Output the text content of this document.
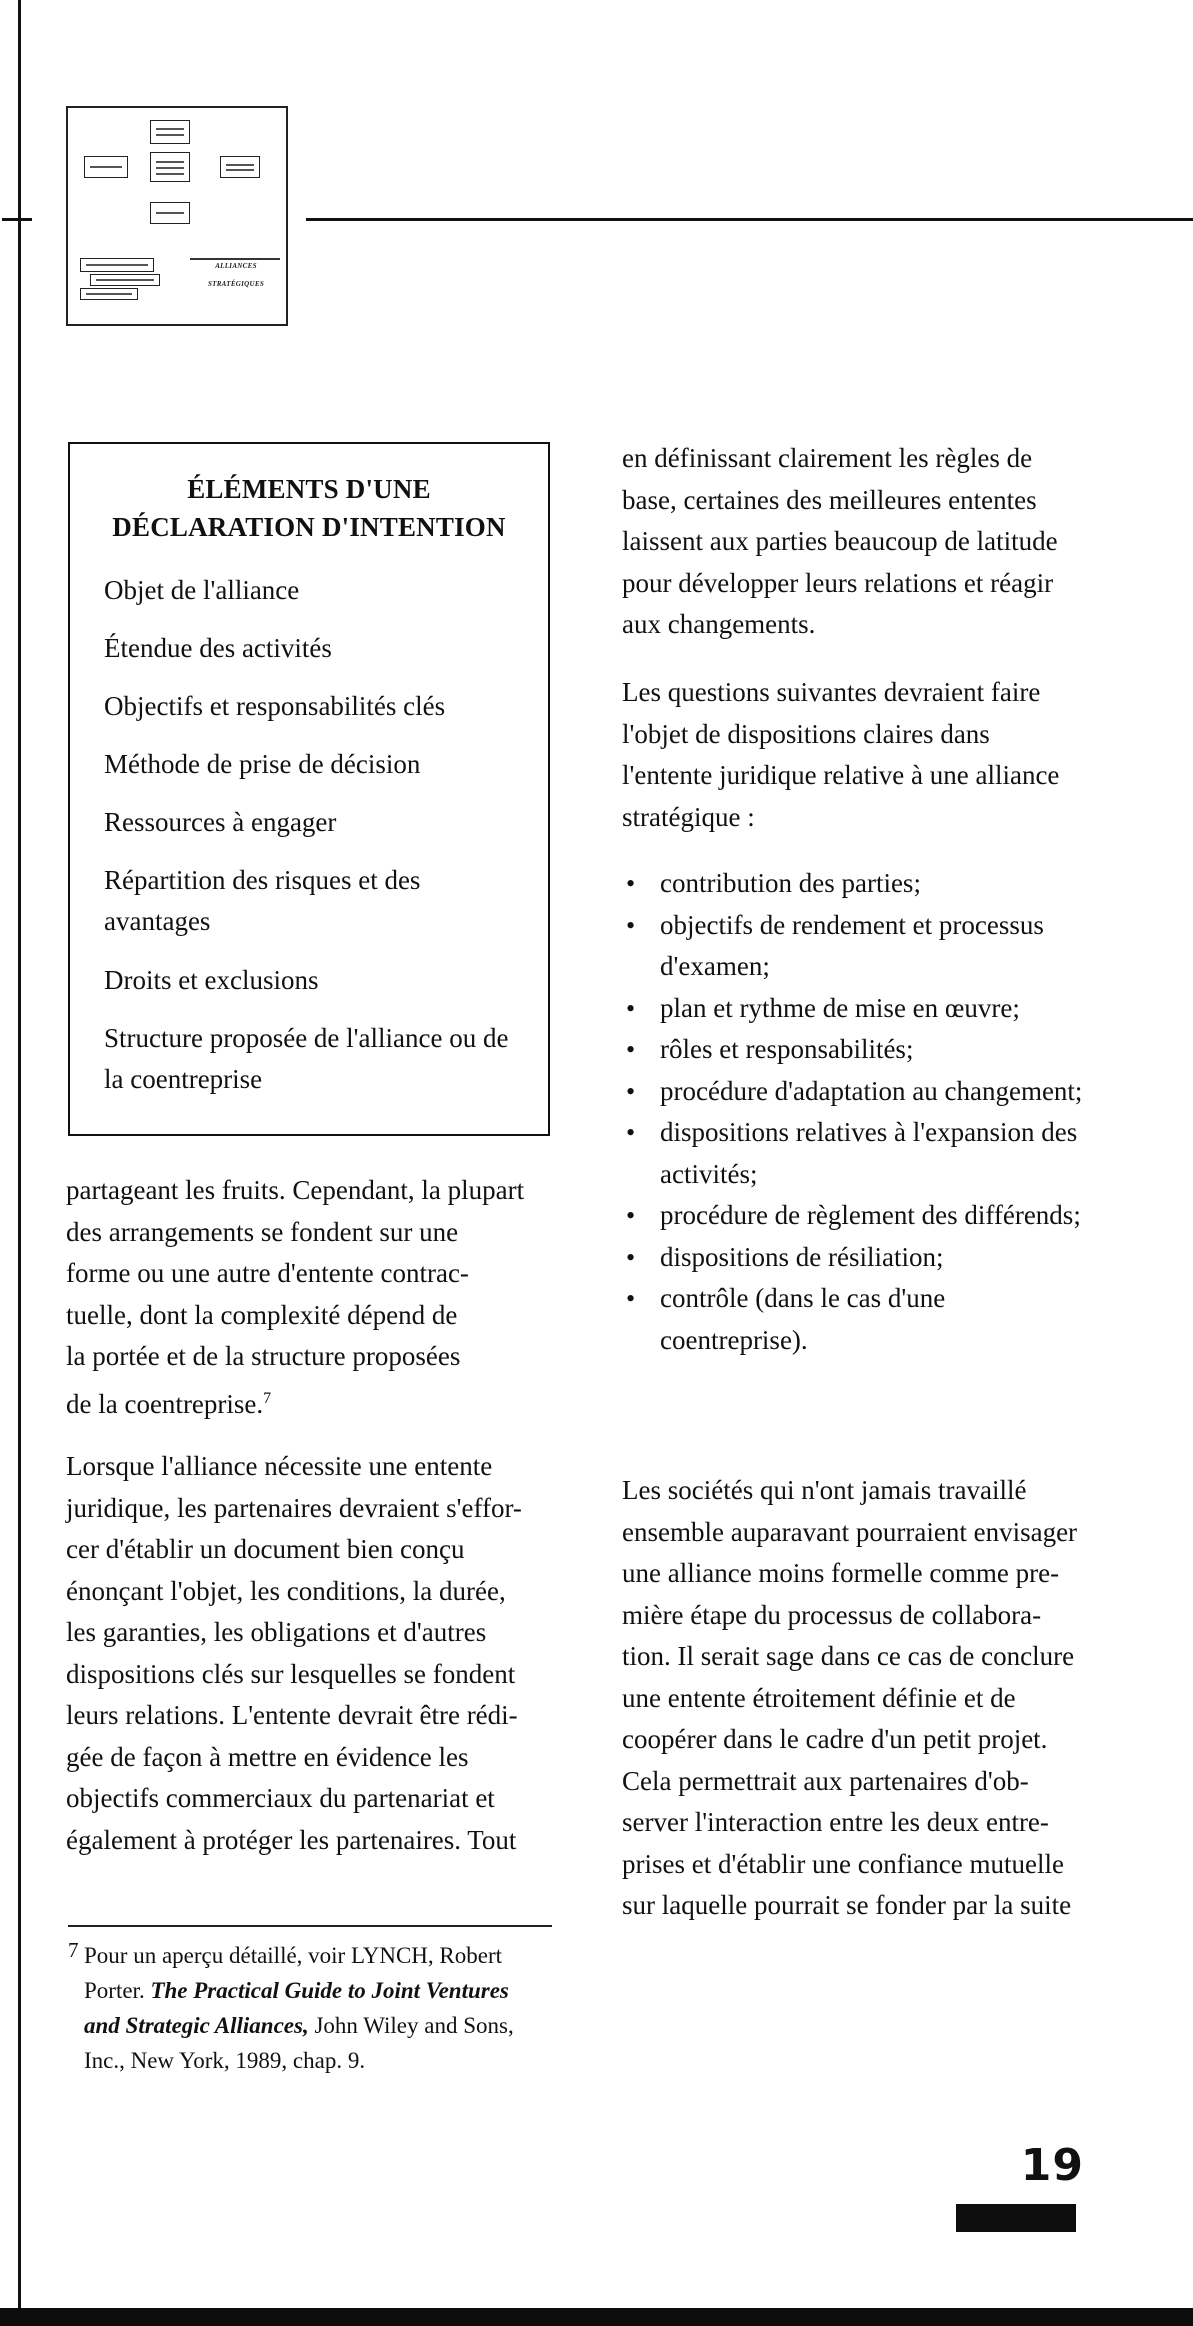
ALLIANCES
STRATÉGIQUES
ÉLÉMENTS D'UNE
DÉCLARATION D'INTENTION
Objet de l'alliance
Étendue des activités
Objectifs et responsabilités clés
Méthode de prise de décision
Ressources à engager
Répartition des risques et des avantages
Droits et exclusions
Structure proposée de l'alliance ou de la coentreprise
partageant les fruits. Cependant, la plupart
des arrangements se fondent sur une
forme ou une autre d'entente contrac-
tuelle, dont la complexité dépend de
la portée et de la structure proposées
de la coentreprise.$^7$
Lorsque l'alliance nécessite une entente
juridique, les partenaires devraient s'effor-
cer d'établir un document bien conçu
énonçant l'objet, les conditions, la durée,
les garanties, les obligations et d'autres
dispositions clés sur lesquelles se fondent
leurs relations. L'entente devrait être rédi-
gée de façon à mettre en évidence les
objectifs commerciaux du partenariat et
également à protéger les partenaires. Tout
en définissant clairement les règles de
base, certaines des meilleures ententes
laissent aux parties beaucoup de latitude
pour développer leurs relations et réagir
aux changements.
Les questions suivantes devraient faire
l'objet de dispositions claires dans
l'entente juridique relative à une alliance
stratégique :
• contribution des parties;
• objectifs de rendement et processus d'examen;
• plan et rythme de mise en œuvre;
• rôles et responsabilités;
• procédure d'adaptation au changement;
• dispositions relatives à l'expansion des activités;
• procédure de règlement des différends;
• dispositions de résiliation;
• contrôle (dans le cas d'une coentreprise).
Les sociétés qui n'ont jamais travaillé
ensemble auparavant pourraient envisager
une alliance moins formelle comme pre-
mière étape du processus de collabora-
tion. Il serait sage dans ce cas de conclure
une entente étroitement définie et de
coopérer dans le cadre d'un petit projet.
Cela permettrait aux partenaires d'ob-
server l'interaction entre les deux entre-
prises et d'établir une confiance mutuelle
sur laquelle pourrait se fonder par la suite
7 Pour un aperçu détaillé, voir LYNCH, Robert
Porter. The Practical Guide to Joint Ventures
and Strategic Alliances, John Wiley and Sons,
Inc., New York, 1989, chap. 9.
19
